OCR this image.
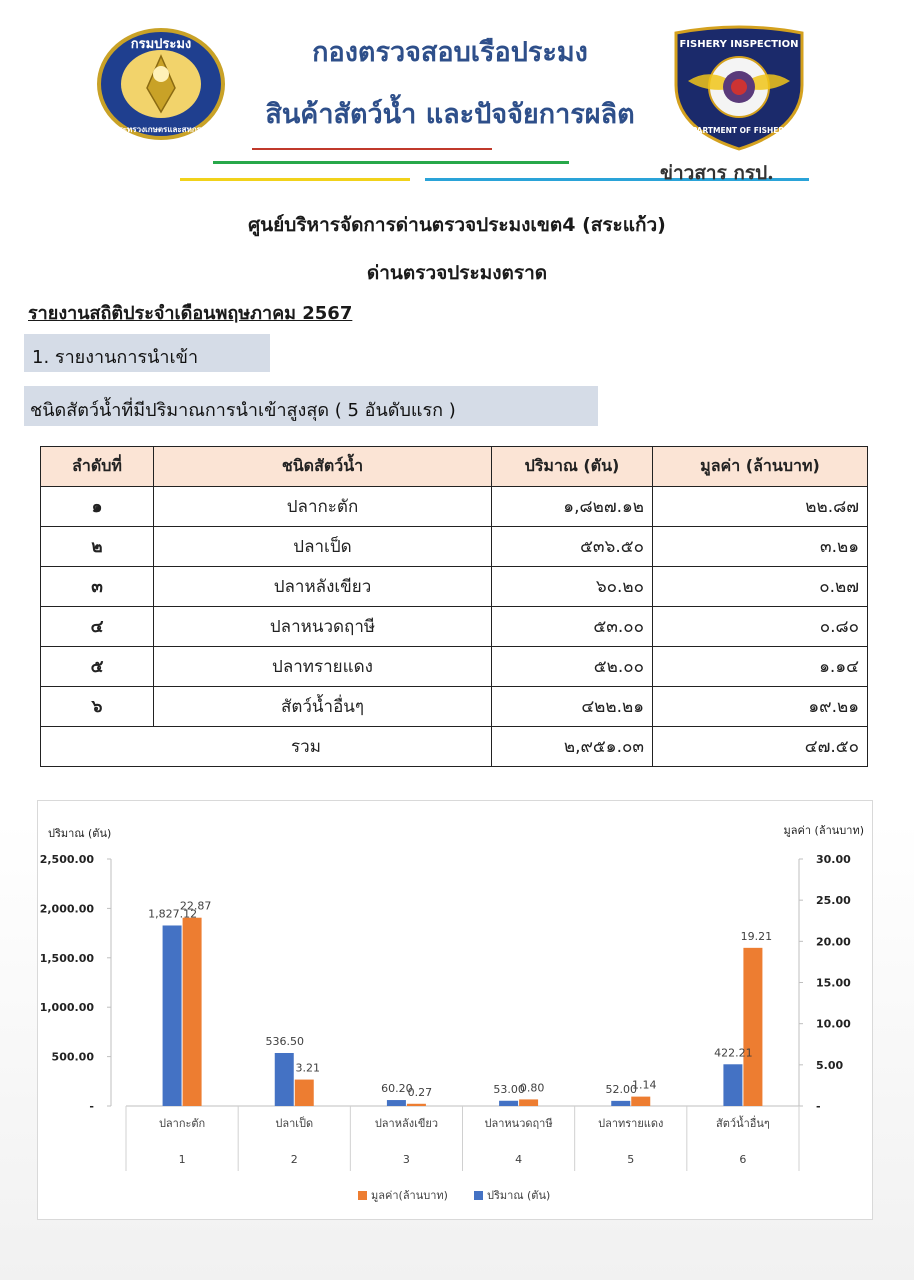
กรมประมง
กระทรวงเกษตรและสหกรณ์
FISHERY INSPECTION
DEPARTMENT OF FISHERIES
กองตรวจสอบเรือประมง
สินค้าสัตว์น้ำ และปัจจัยการผลิต
ข่าวสาร กรป.
ศูนย์บริหารจัดการด่านตรวจประมงเขต4 (สระแก้ว)
ด่านตรวจประมงตราด
รายงานสถิติประจำเดือนพฤษภาคม 2567
1. รายงานการนำเข้า
ชนิดสัตว์น้ำที่มีปริมาณการนำเข้าสูงสุด ( 5 อันดับแรก )
ลำดับที่	ชนิดสัตว์น้ำ	ปริมาณ (ตัน)	มูลค่า (ล้านบาท)
๑	ปลากะตัก	๑,๘๒๗.๑๒	๒๒.๘๗
๒	ปลาเป็ด	๕๓๖.๕๐	๓.๒๑
๓	ปลาหลังเขียว	๖๐.๒๐	๐.๒๗
๔	ปลาหนวดฤาษี	๕๓.๐๐	๐.๘๐
๕	ปลาทรายแดง	๕๒.๐๐	๑.๑๔
๖	สัตว์น้ำอื่นๆ	๔๒๒.๒๑	๑๙.๒๑
รวม		๒,๙๕๑.๐๓	๔๗.๕๐
ปริมาณ (ตัน)	มูลค่า (ล้านบาท)
-
500.00
1,000.00
1,500.00
2,000.00
2,500.00
-
5.00
10.00
15.00
20.00
25.00
30.00
1,827.12
22.87
ปลากะตัก
1
536.50
3.21
ปลาเป็ด
2
60.20
0.27
ปลาหลังเขียว
3
53.00
0.80
ปลาหนวดฤาษี
4
52.00
1.14
ปลาทรายแดง
5
422.21
19.21
สัตว์น้ำอื่นๆ
6
มูลค่า(ล้านบาท)	ปริมาณ (ตัน)
